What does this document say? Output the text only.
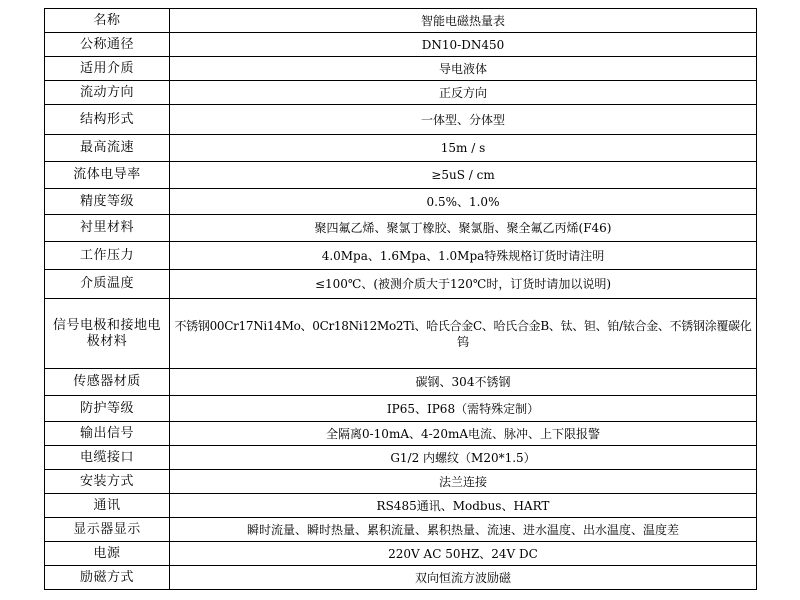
名称	智能电磁热量表
公称通径	DN10-DN450
适用介质	导电液体
流动方向	正反方向
结构形式	一体型、分体型
最高流速	15m / s
流体电导率	≥5uS / cm
精度等级	0.5%、1.0%
衬里材料	聚四氟乙烯、聚氯丁橡胶、聚氯脂、聚全氟乙丙烯(F46)
工作压力	4.0Mpa、1.6Mpa、1.0Mpa特殊规格订货时请注明
介质温度	≤100℃、(被测介质大于120℃时，订货时请加以说明)
信号电极和接地电极材料	不锈钢00Cr17Ni14Mo、0Cr18Ni12Mo2Ti、哈氏合金C、哈氏合金B、钛、钽、铂/铱合金、不锈钢涂覆碳化钨
传感器材质	碳钢、304不锈钢
防护等级	IP65、IP68（需特殊定制）
输出信号	全隔离0-10mA、4-20mA电流、脉冲、上下限报警
电缆接口	G1/2 内螺纹（M20*1.5）
安装方式	法兰连接
通讯	RS485通讯、Modbus、HART
显示器显示	瞬时流量、瞬时热量、累积流量、累积热量、流速、进水温度、出水温度、温度差
电源	220V AC 50HZ、24V DC
励磁方式	双向恒流方波励磁
